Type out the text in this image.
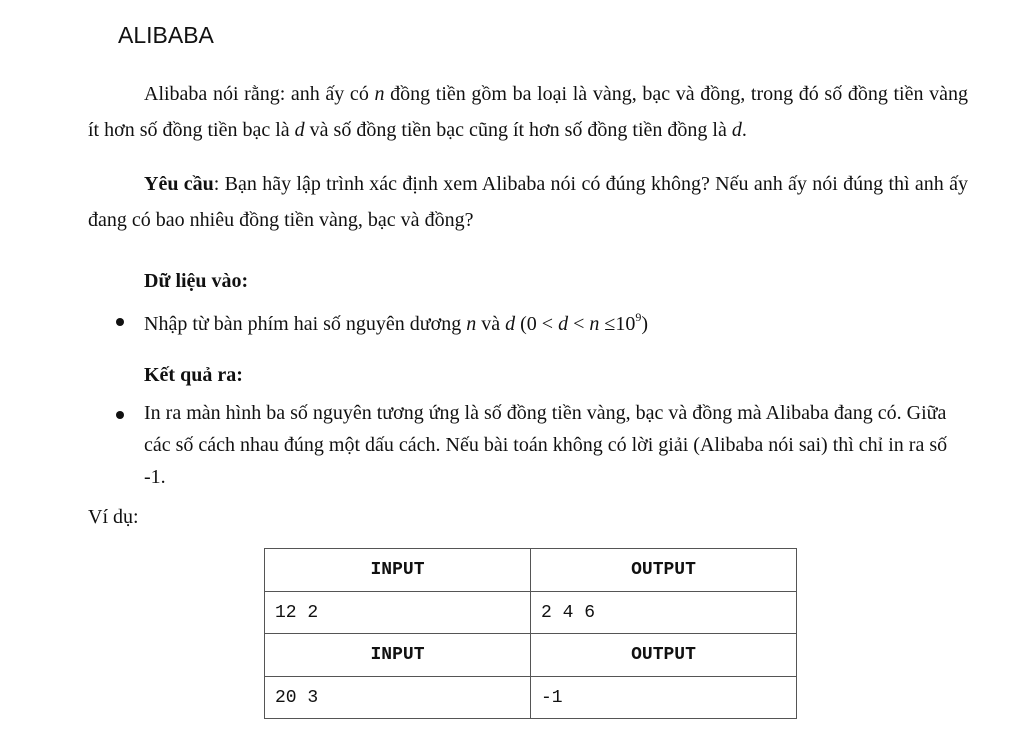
ALIBABA

Alibaba nói rằng: anh ấy có n đồng tiền gồm ba loại là vàng, bạc và đồng, trong đó số đồng tiền vàng ít hơn số đồng tiền bạc là d và số đồng tiền bạc cũng ít hơn số đồng tiền đồng là d.

Yêu cầu: Bạn hãy lập trình xác định xem Alibaba nói có đúng không? Nếu anh ấy nói đúng thì anh ấy đang có bao nhiêu đồng tiền vàng, bạc và đồng?

Dữ liệu vào:
Nhập từ bàn phím hai số nguyên dương n và d $(0 < d < n \le 10^9)$
Kết quả ra:
In ra màn hình ba số nguyên tương ứng là số đồng tiền vàng, bạc và đồng mà Alibaba đang có. Giữa các số cách nhau đúng một dấu cách. Nếu bài toán không có lời giải (Alibaba nói sai) thì chỉ in ra số -1.
Ví dụ:
INPUT	OUTPUT
12 2	2 4 6
INPUT	OUTPUT
20 3	-1
